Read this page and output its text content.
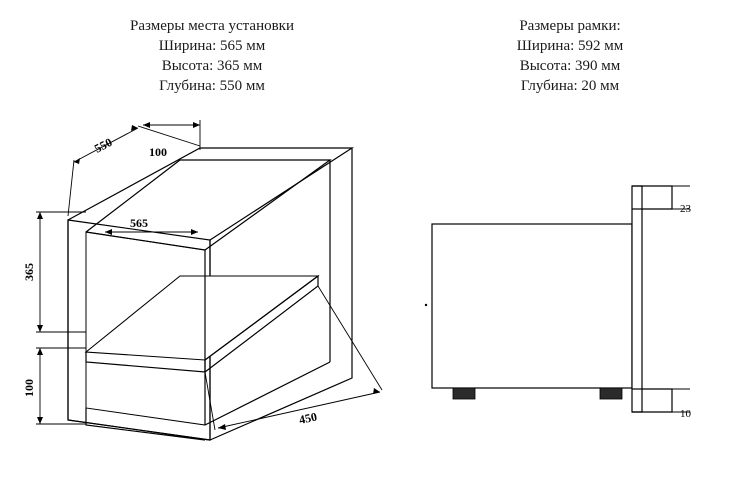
Размеры места установки
Ширина: 565 мм
Высота: 365 мм
Глубина: 550 мм
Размеры рамки:
Ширина: 592 мм
Высота: 390 мм
Глубина: 20 мм
550	100
565
365
100
450
23
10
